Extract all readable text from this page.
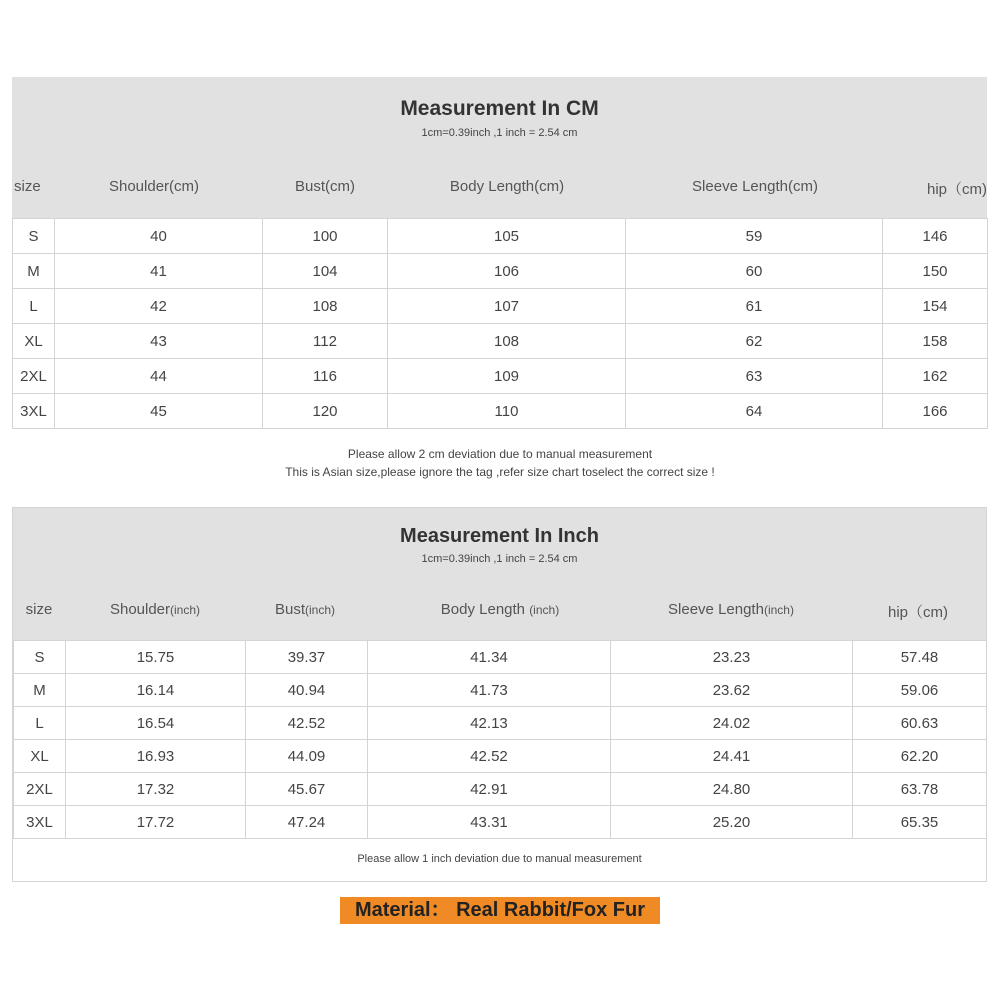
Measurement In CM
1cm=0.39inch ,1 inch = 2.54 cm
size	Shoulder(cm)	Bust(cm)	Body Length(cm)	Sleeve Length(cm)	hip（cm)
S	40	100	105	59	146
M	41	104	106	60	150
L	42	108	107	61	154
XL	43	112	108	62	158
2XL	44	116	109	63	162
3XL	45	120	110	64	166
Please allow 2 cm deviation due to manual measurement
This is Asian size,please ignore the tag ,refer size chart toselect the correct size !
Measurement In Inch
1cm=0.39inch ,1 inch = 2.54 cm
size	Shoulder(inch)	Bust(inch)	Body Length (inch)	Sleeve Length(inch)	hip（cm)
S	15.75	39.37	41.34	23.23	57.48
M	16.14	40.94	41.73	23.62	59.06
L	16.54	42.52	42.13	24.02	60.63
XL	16.93	44.09	42.52	24.41	62.20
2XL	17.32	45.67	42.91	24.80	63.78
3XL	17.72	47.24	43.31	25.20	65.35
Please allow 1 inch deviation due to manual measurement
Material： Real Rabbit/Fox Fur
